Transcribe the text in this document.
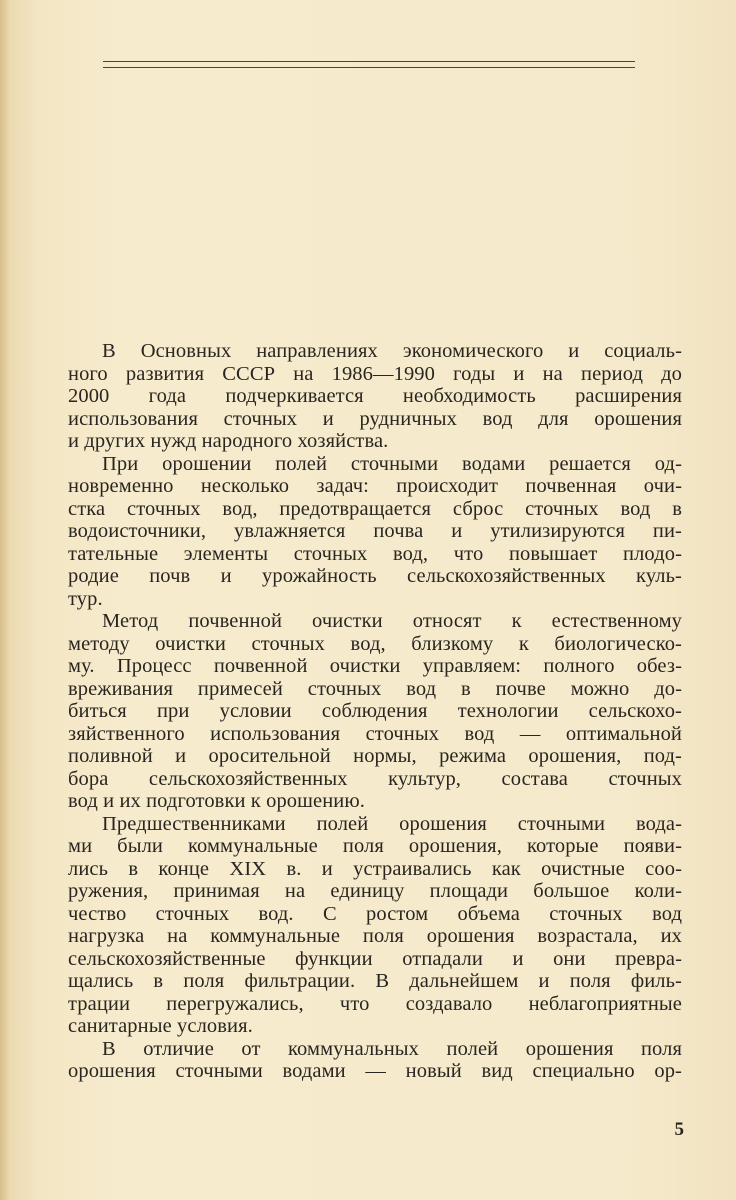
В Основных направлениях экономического и социаль-
ного развития СССР на 1986—1990 годы и на период до
2000 года подчеркивается необходимость расширения
использования сточных и рудничных вод для орошения
и других нужд народного хозяйства.
При орошении полей сточными водами решается од-
новременно несколько задач: происходит почвенная очи-
стка сточных вод, предотвращается сброс сточных вод в
водоисточники, увлажняется почва и утилизируются пи-
тательные элементы сточных вод, что повышает плодо-
родие почв и урожайность сельскохозяйственных куль-
тур.
Метод почвенной очистки относят к естественному
методу очистки сточных вод, близкому к биологическо-
му. Процесс почвенной очистки управляем: полного обез-
вреживания примесей сточных вод в почве можно до-
биться при условии соблюдения технологии сельскохо-
зяйственного использования сточных вод — оптимальной
поливной и оросительной нормы, режима орошения, под-
бора сельскохозяйственных культур, состава сточных
вод и их подготовки к орошению.
Предшественниками полей орошения сточными вода-
ми были коммунальные поля орошения, которые появи-
лись в конце XIX в. и устраивались как очистные соо-
ружения, принимая на единицу площади большое коли-
чество сточных вод. С ростом объема сточных вод
нагрузка на коммунальные поля орошения возрастала, их
сельскохозяйственные функции отпадали и они превра-
щались в поля фильтрации. В дальнейшем и поля филь-
трации перегружались, что создавало неблагоприятные
санитарные условия.
В отличие от коммунальных полей орошения поля
орошения сточными водами — новый вид специально ор-
5
